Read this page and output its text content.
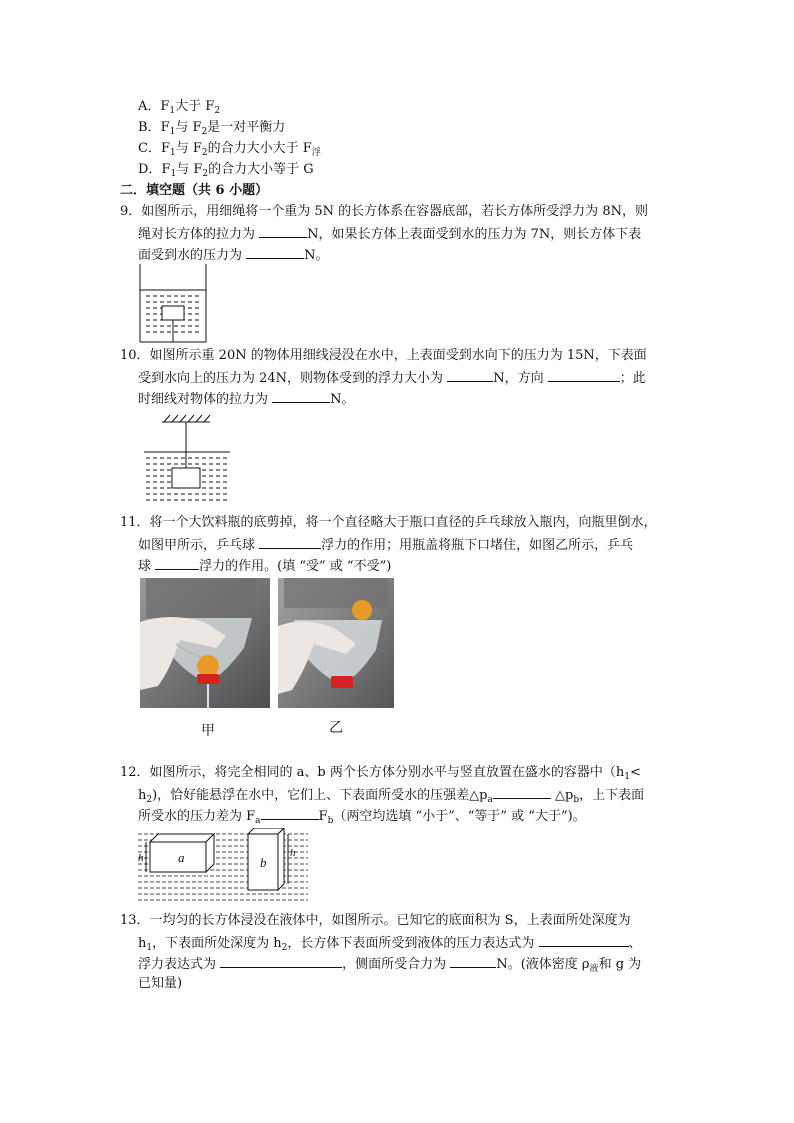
A．$F_1$大于 $F_2$
B．$F_1$与 $F_2$是一对平衡力
C．$F_1$与 $F_2$的合力大小大于 $F_浮$
D．$F_1$与 $F_2$的合力大小等于 G
二．填空题（共 6 小题）
9．如图所示，用细绳将一个重为 5N 的长方体系在容器底部，若长方体所受浮力为 8N，则
绳对长方体的拉力为	N，如果长方体上表面受到水的压力为 7N，则长方体下表
面受到水的压力为	N。
10．如图所示重 20N 的物体用细线浸没在水中，上表面受到水向下的压力为 15N，下表面
受到水向上的压力为 24N，则物体受到的浮力大小为	N，方向	；此
时细线对物体的拉力为	N。
11．将一个大饮料瓶的底剪掉，将一个直径略大于瓶口直径的乒乓球放入瓶内，向瓶里倒水，
如图甲所示，乒乓球	浮力的作用；用瓶盖将瓶下口堵住，如图乙所示，乒乓
球	浮力的作用。(填 “受” 或 “不受”)
甲	乙
12．如图所示，将完全相同的 a、b 两个长方体分别水平与竖直放置在盛水的容器中（$h_1<$
$h_2$)，恰好能悬浮在水中，它们上、下表面所受水的压强差$\triangle p_a$	$\triangle p_b$，上下表面
所受水的压力差为 $F_a$	$F_b$（两空均选填 “小于”、“等于” 或 “大于”)。
a	b
h	h
13．一均匀的长方体浸没在液体中，如图所示。已知它的底面积为 S，上表面所处深度为
$h_1$，下表面所处深度为 $h_2$，长方体下表面所受到液体的压力表达式为	、
浮力表达式为	，侧面所受合力为	N。(液体密度 $\rho_液$和 g 为
已知量)
